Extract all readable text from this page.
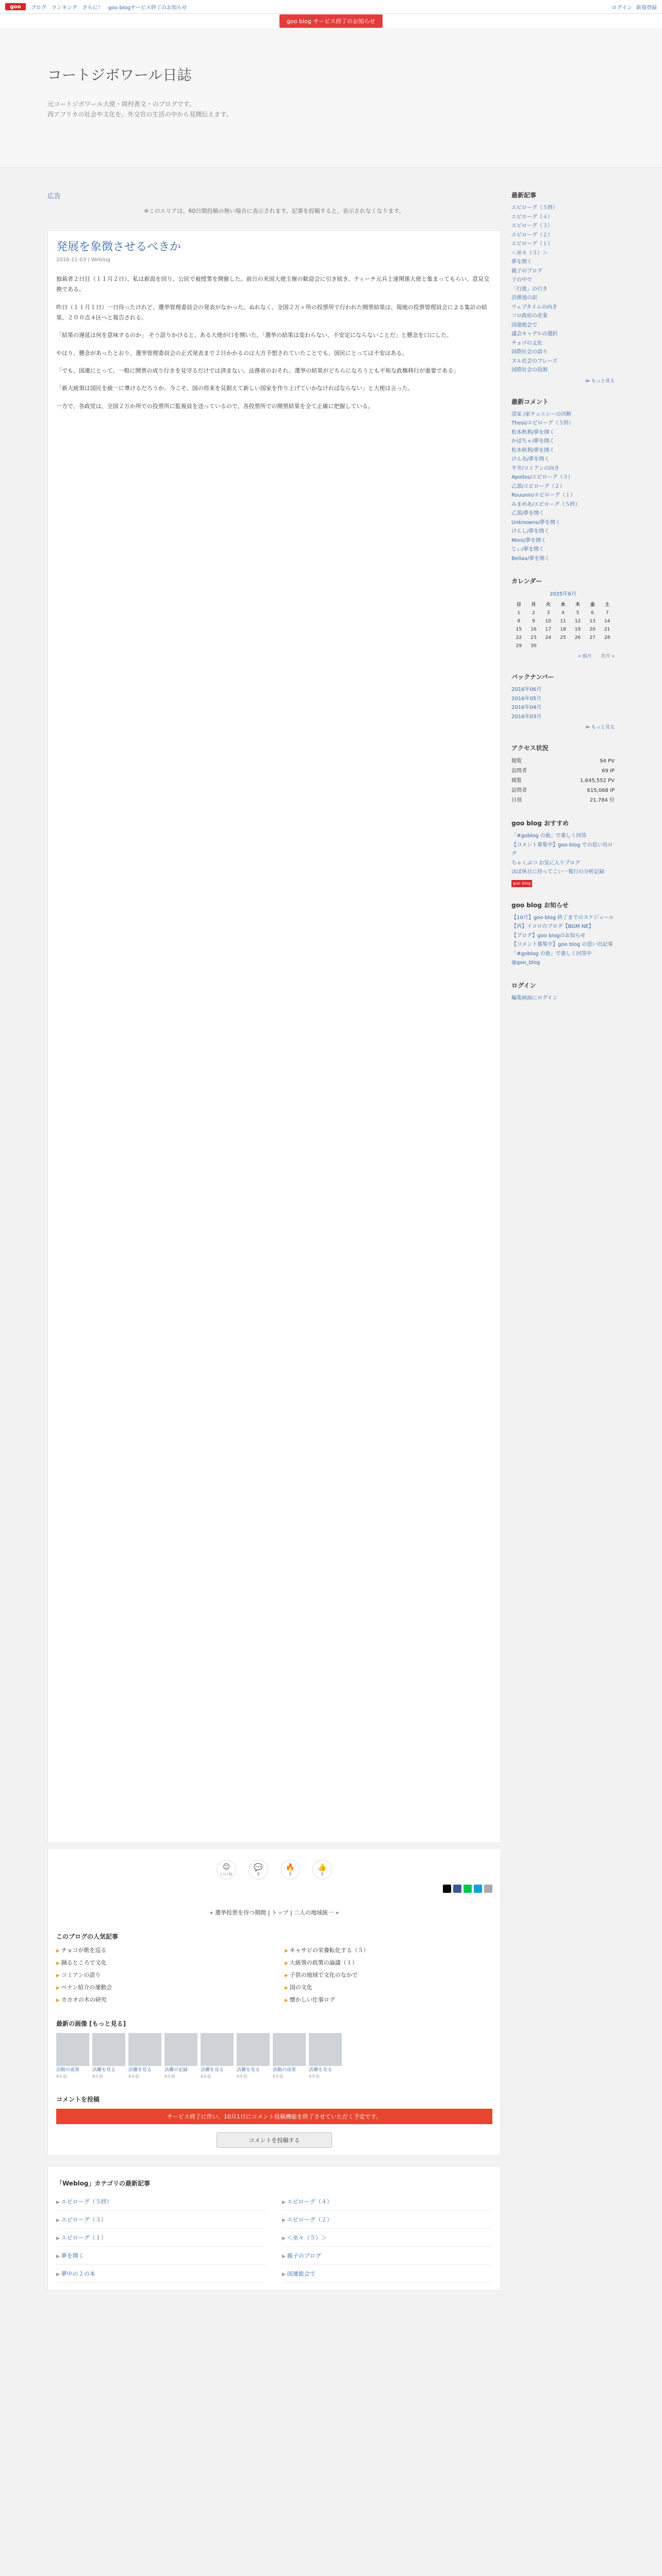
goo	ブログ ランキング さらに！ goo blogサービス終了のお知らせ	ログイン 新規登録
goo blog サービス終了のお知らせ
コートジボワール日誌
元コートジボワール大使・岡村善文・のブログです。
西アフリカの社会や文化を、外交官の生活の中から見聞伝えます。
広告
※このエリアは、60日間投稿の無い場合に表示されます。記事を投稿すると、表示されなくなります。
発展を象徴させるべきか
2016-11-03 | Weblog

独裁者２日目（１１月２日）、私は新潟を回り、公民で被授業を開催した。前日の米国大使主催の歓迎会に引き続き、ティーチ元兵士達関係大使と集まってもらい、意見交換である。

昨日（１１月１日）一日待ったけれど、選挙管理委員会の発表がなかった。ぬれなく、全国２万ヶ所の投票所で行われた開票結果は、現地の投票管理員会による集計の結果、２００点４区へと報告される。

「結果の遅延は何を意味するのか」 そう語りかけると、ある大使が口を開いた。「選挙の結果は変わらない、不安定にならないことだ」と懸念を口にした。

やはり、懸念があったとおり、選挙管理委員会の正式発表まで２日かかるのは大方予想されていたことでも、国民にとっては不安はある。

「でも、国連にとって、一般に開票の成り行きを見守るだけでは済まない。法務省のおそれ、選挙の結果がどちらになろうとも平和な政権移行が重要である」

「新大統領は国民を統一に導けるだろうか。今こそ、国の将来を見据えて新しい国家を作り上げていかなければならない」と大使は言った。

一方で、各政党は、全国２万か所での投票所に監視員を送っているので、各投票所での開票結果を全て正確に把握している。

😊
いいね
💬
0
🔥
0
👍
0
« 選挙投票を待つ期間 | トップ | 二人の地域統一 »
このブログの人気記事
▶ チョコが歌を巡る	▶ キャサビの栄養転化する（５）
▶ 踊るところで文化	▶ 大統領の政策の論議（１）
▶ コミアンの語り	▶ 子供の地域で文化のなかで
▶ ペナン紹介の運動会	▶ 国の文化
▶ カカオの木の研究	▶ 懐かしい仕事ログ
最新の画像 [もっと見る]
活動の成果
6年前
活躍を見る
6年前
活躍を見る
6年前
活躍の記録
6年前
活躍を見る
6年前
活躍を見る
6年前
活動の成果
6年前
活躍を見る
6年前
コメントを投稿
サービス終了に伴い、10月1日にコメント投稿機能を終了させていただく予定です。
コメントを投稿する
「Weblog」カテゴリの最新記事
▶ エピローグ（５終）	▶ エピローグ（４）
▶ エピローグ（３）	▶ エピローグ（２）
▶ エピローグ（１）	▶ ＜巫々（５）＞
▶ 夢を開く	▶ 親子のブログ
▶ 夢中の２の本	▶ 国連総会で
最新記事
エピローグ（５終）
エピローグ（４）
エピローグ（３）
エピローグ（２）
エピローグ（１）
＜巫々（５）＞
夢を開く
親子のブログ
子の中で
「行進」の行き
活弾道の訳
ウェブタイムの向き
ソロ政府の産業
国連総会で
議会キャデルの選択
チョゴの文化
国際社会の語り
ヌル社会のフレーズ
国際社会の役割
≫ もっと見る
最新コメント
清家 /家チュニシーの決断
Theoi/エピローグ（５終）
松本秋利/夢を開く
かぼちゃ/夢を開く
松本秋利/夢を開く
けんあ/夢を開く
平井/コミアンの向き
Apollos/エピローグ（３）
乙部/エピローグ（２）
Rouunin/エピローグ（１）
みまめあ/エピローグ（５終）
乙部/夢を開く
Unknowns/夢を開く
けんし/夢を開く
Mimi/夢を開く
じぃ/夢を開く
Bellaa/夢を開く
カレンダー
2025年6月
日	月	火	水	木	金	土
1	2	3	4	5	6	7
8	9	10	11	12	13	14
15	16	17	18	19	20	21
22	23	24	25	26	27	28
29	30					
« 前月　　次月 »
バックナンバー
2016年06月
2016年05月
2016年04月
2016年03月
≫ もっと見る
アクセス状況
閲覧	94 PV
訪問者	69 IP
閲覧	1,645,552 PV
訪問者	615,068 IP
日別	21,784 位
goo blog おすすめ
「#goblog の旅」で楽しく回答
【コメント募集中】goo blog での思い出ログ
ちゃくぶつ お気に入りブログ
ほぼ休日に持ってこい一報行の分析記録
goo blog
goo blog お知らせ
【10月】goo blog 終了までのスケジュール
【再】イコロのブログ【BGM NE】
【ブログ】goo blogのお知らせ
【コメント募集中】goo blog の思い出記事
「#goblog の旅」で楽しく回答中
@goo_blog
ログイン
編集画面にログイン
